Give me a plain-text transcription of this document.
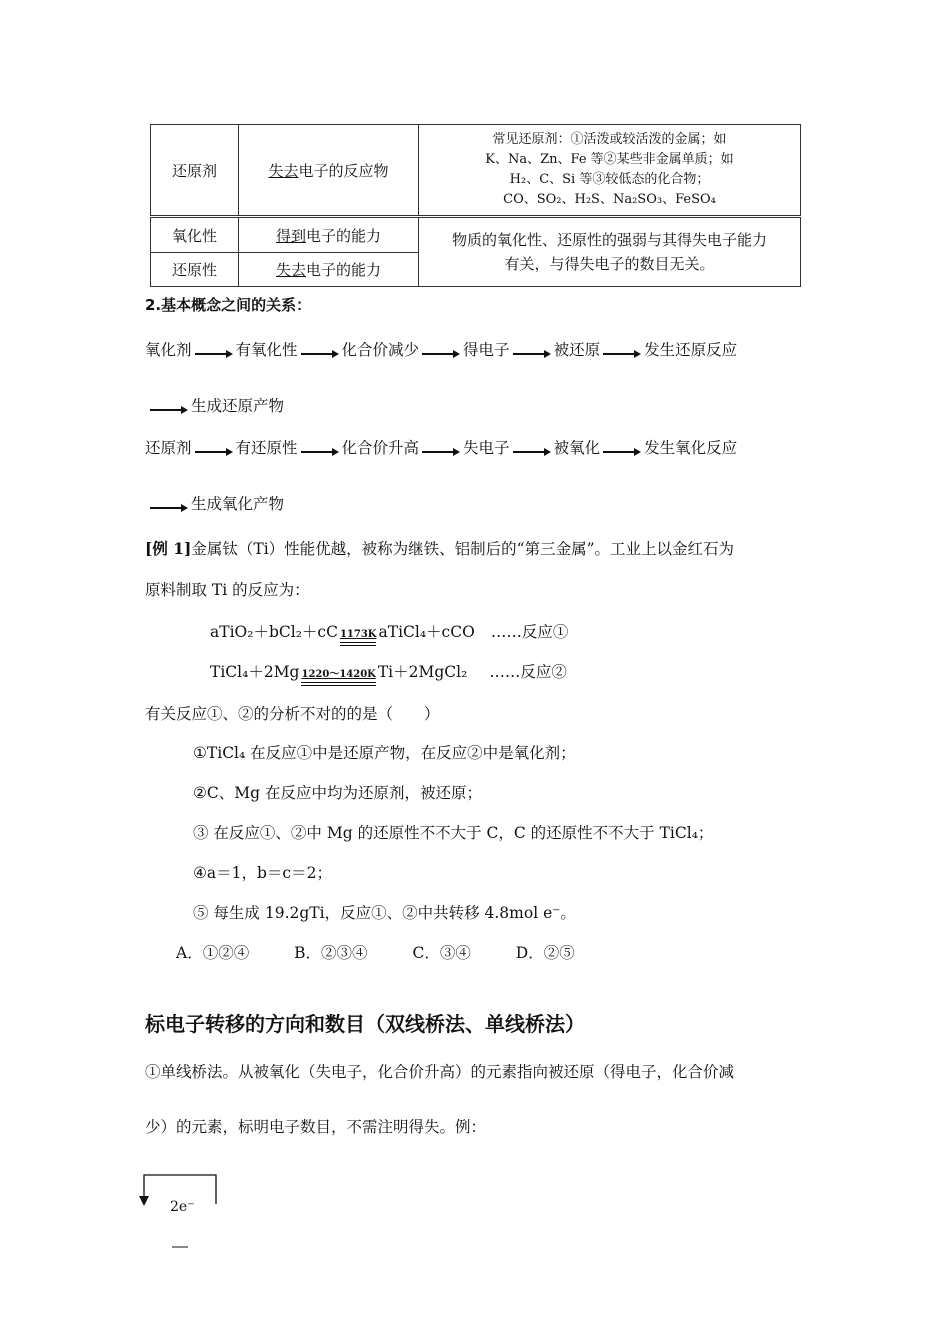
还原剂	失去电子的反应物	常见还原剂：①活泼或较活泼的金属；如
K、Na、Zn、Fe 等②某些非金属单质；如
H₂、C、Si 等③较低态的化合物；
CO、SO₂、H₂S、Na₂SO₃、FeSO₄

氧化性	得到电子的能力	物质的氧化性、还原性的强弱与其得失电子能力
有关，与得失电子的数目无关。

还原性	失去电子的能力	
2.基本概念之间的关系：
氧化剂	有氧化性	化合价减少	得电子	被还原	发生还原反应
生成还原产物
还原剂	有还原性	化合价升高	失电子	被氧化	发生氧化反应
生成氧化产物
[例 1]金属钛（Ti）性能优越，被称为继铁、铝制后的“第三金属”。工业上以金红石为
原料制取 Ti 的反应为：
aTiO₂＋bCl₂＋cC 1173K aTiCl₄＋cCO ……反应①
TiCl₄＋2Mg 1220～1420K Ti＋2MgCl₂ ……反应②
有关反应①、②的分析不对的的是（　　）
①TiCl₄ 在反应①中是还原产物，在反应②中是氧化剂；
②C、Mg 在反应中均为还原剂，被还原；
③ 在反应①、②中 Mg 的还原性不不大于 C，C 的还原性不不大于 TiCl₄；
④a＝1，b＝c＝2；
⑤ 每生成 19.2gTi，反应①、②中共转移 4.8mol e⁻。
A．①②④	B．②③④	C．③④	D．②⑤
标电子转移的方向和数目（双线桥法、单线桥法）
①单线桥法。从被氧化（失电子，化合价升高）的元素指向被还原（得电子，化合价减
少）的元素，标明电子数目，不需注明得失。例：
2e⁻
